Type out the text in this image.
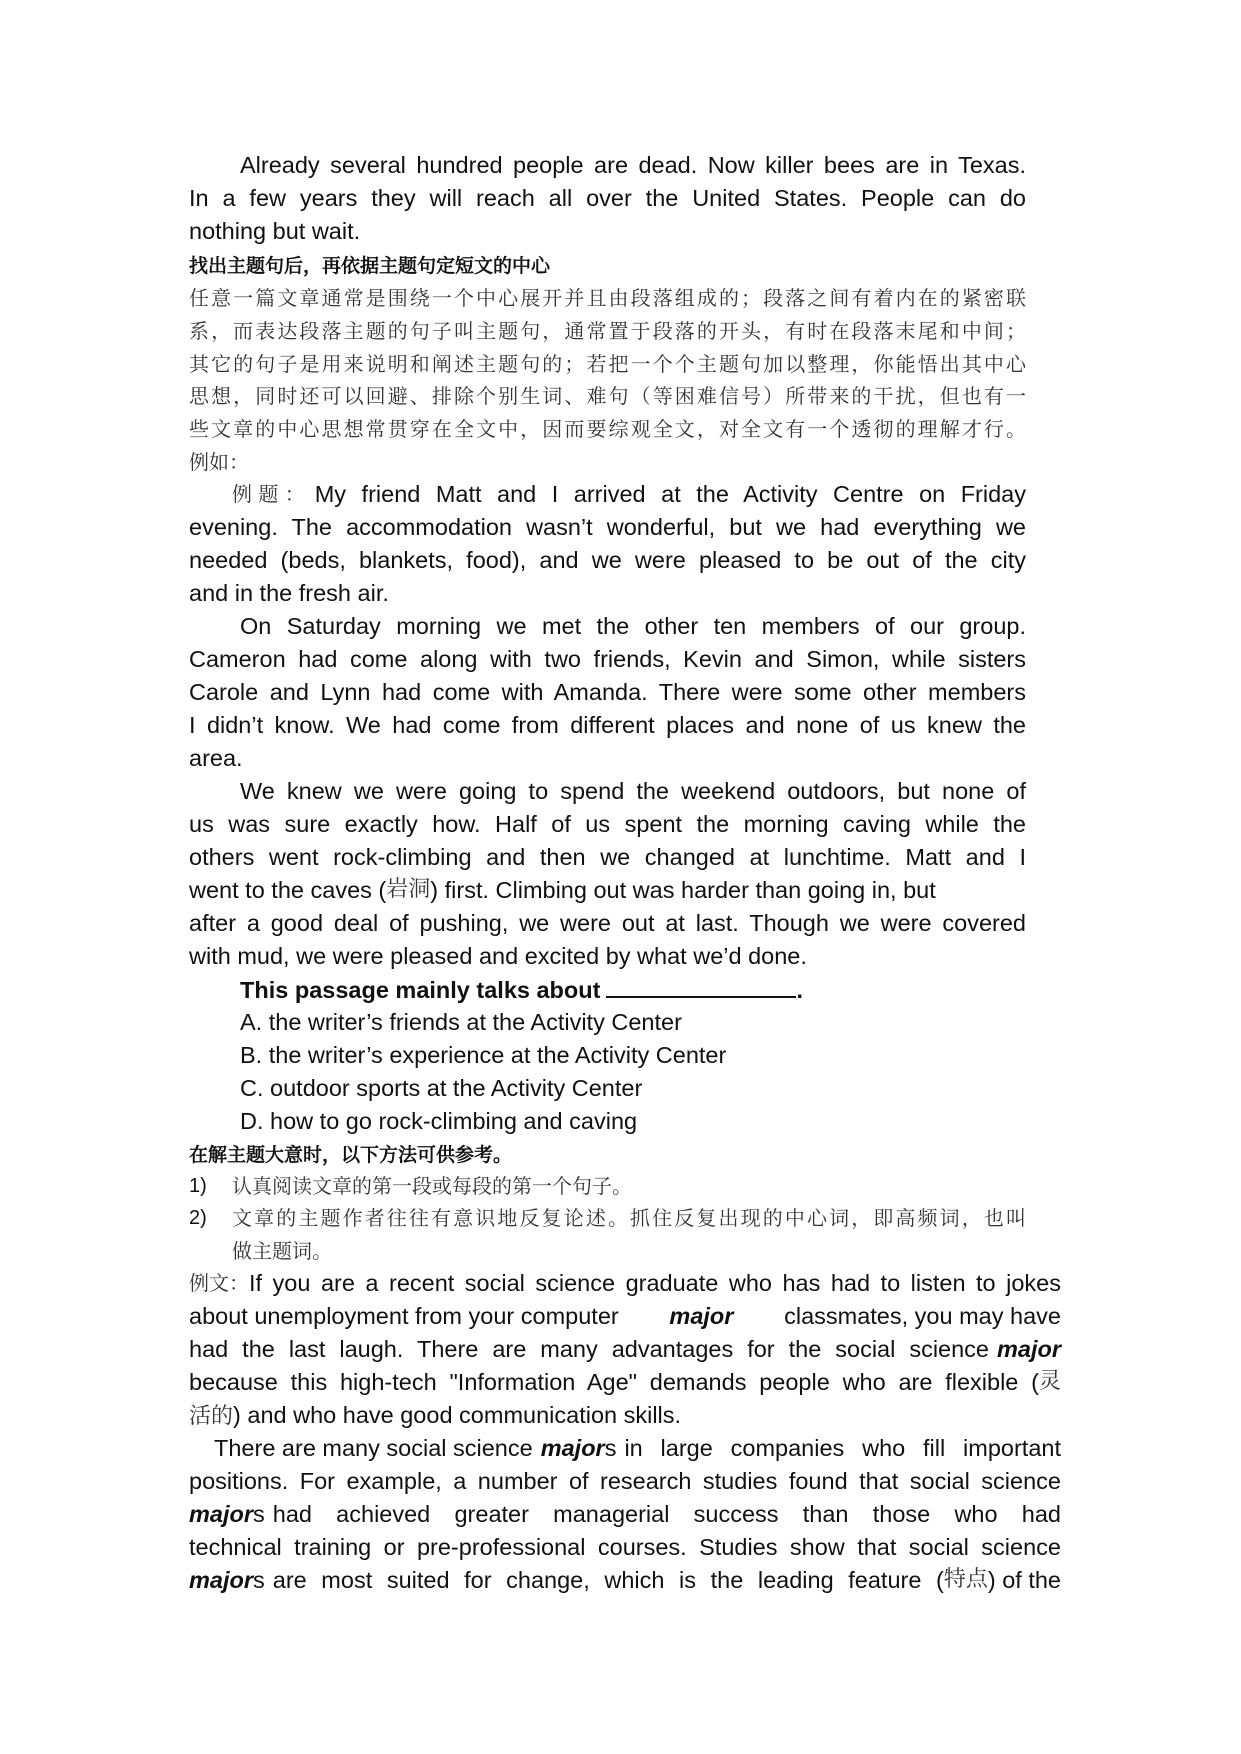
Already several hundred people are dead. Now killer bees are in Texas.
In a few years they will reach all over the United States. People can do
nothing but wait.
找出主题句后，再依据主题句定短文的中心
任意一篇文章通常是围绕一个中心展开并且由段落组成的；段落之间有着内在的紧密联
系，而表达段落主题的句子叫主题句，通常置于段落的开头，有时在段落末尾和中间；
其它的句子是用来说明和阐述主题句的；若把一个个主题句加以整理，你能悟出其中心
思想，同时还可以回避、排除个别生词、难句（等困难信号）所带来的干扰，但也有一
些文章的中心思想常贯穿在全文中，因而要综观全文，对全文有一个透彻的理解才行。
例如：
例 题 ： My friend Matt and I arrived at the Activity Centre on Friday
evening. The accommodation wasn’t wonderful, but we had everything we
needed (beds, blankets, food), and we were pleased to be out of the city
and in the fresh air.
On Saturday morning we met the other ten members of our group.
Cameron had come along with two friends, Kevin and Simon, while sisters
Carole and Lynn had come with Amanda. There were some other members
I didn’t know. We had come from different places and none of us knew the
area.
We knew we were going to spend the weekend outdoors, but none of
us was sure exactly how. Half of us spent the morning caving while the
others went rock-climbing and then we changed at lunchtime. Matt and I
went to the caves ( 岩洞 ) first. Climbing out was harder than going in, but
after a good deal of pushing, we were out at last. Though we were covered
with mud, we were pleased and excited by what we’d done.
This passage mainly talks about	.
A. the writer’s friends at the Activity Center
B. the writer’s experience at the Activity Center
C. outdoor sports at the Activity Center
D. how to go rock-climbing and caving
在解主题大意时，以下方法可供参考。
1) 认真阅读文章的第一段或每段的第一个句子。
2) 文章的主题作者往往有意识地反复论述。抓住反复出现的中心词，即高频词，也叫
做主题词。
例文： If you are a recent social science graduate who has had to listen to jokes
about unemployment from your computer major classmates, you may have
had the last laugh. There are many advantages for the social science major
because this high-tech "Information Age" demands people who are flexible ( 灵
活的) and who have good communication skills.
There are many social science majors in large companies who fill important
positions. For example, a number of research studies found that social science
majors had achieved greater managerial success than those who had
technical training or pre-professional courses. Studies show that social science
majors are most suited for change, which is the leading feature ( 特点 ) of the
